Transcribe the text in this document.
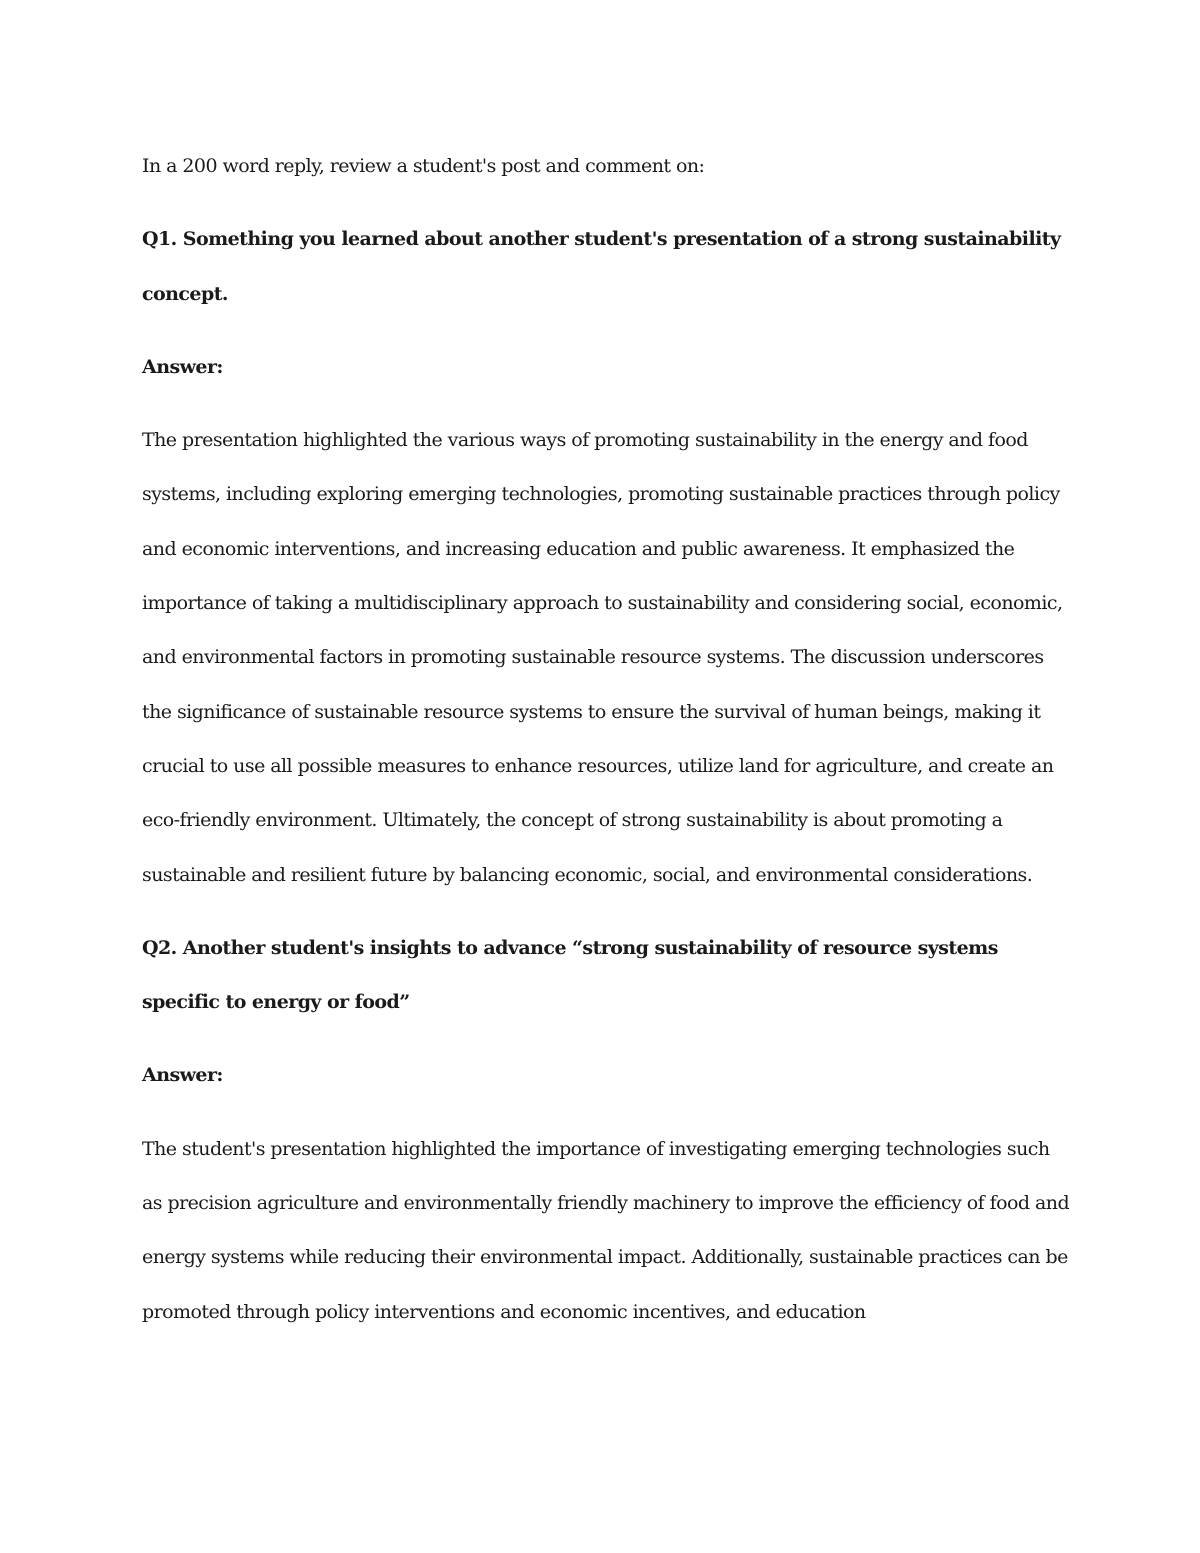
In a 200 word reply, review a student's post and comment on:

Q1. Something you learned about another student's presentation of a strong sustainability concept.

Answer:

The presentation highlighted the various ways of promoting sustainability in the energy and food systems, including exploring emerging technologies, promoting sustainable practices through policy and economic interventions, and increasing education and public awareness. It emphasized the importance of taking a multidisciplinary approach to sustainability and considering social, economic, and environmental factors in promoting sustainable resource systems. The discussion underscores the significance of sustainable resource systems to ensure the survival of human beings, making it crucial to use all possible measures to enhance resources, utilize land for agriculture, and create an eco-friendly environment. Ultimately, the concept of strong sustainability is about promoting a sustainable and resilient future by balancing economic, social, and environmental considerations.

Q2. Another student's insights to advance “strong sustainability of resource systems specific to energy or food”

Answer:

The student's presentation highlighted the importance of investigating emerging technologies such as precision agriculture and environmentally friendly machinery to improve the efficiency of food and energy systems while reducing their environmental impact. Additionally, sustainable practices can be promoted through policy interventions and economic incentives, and education
